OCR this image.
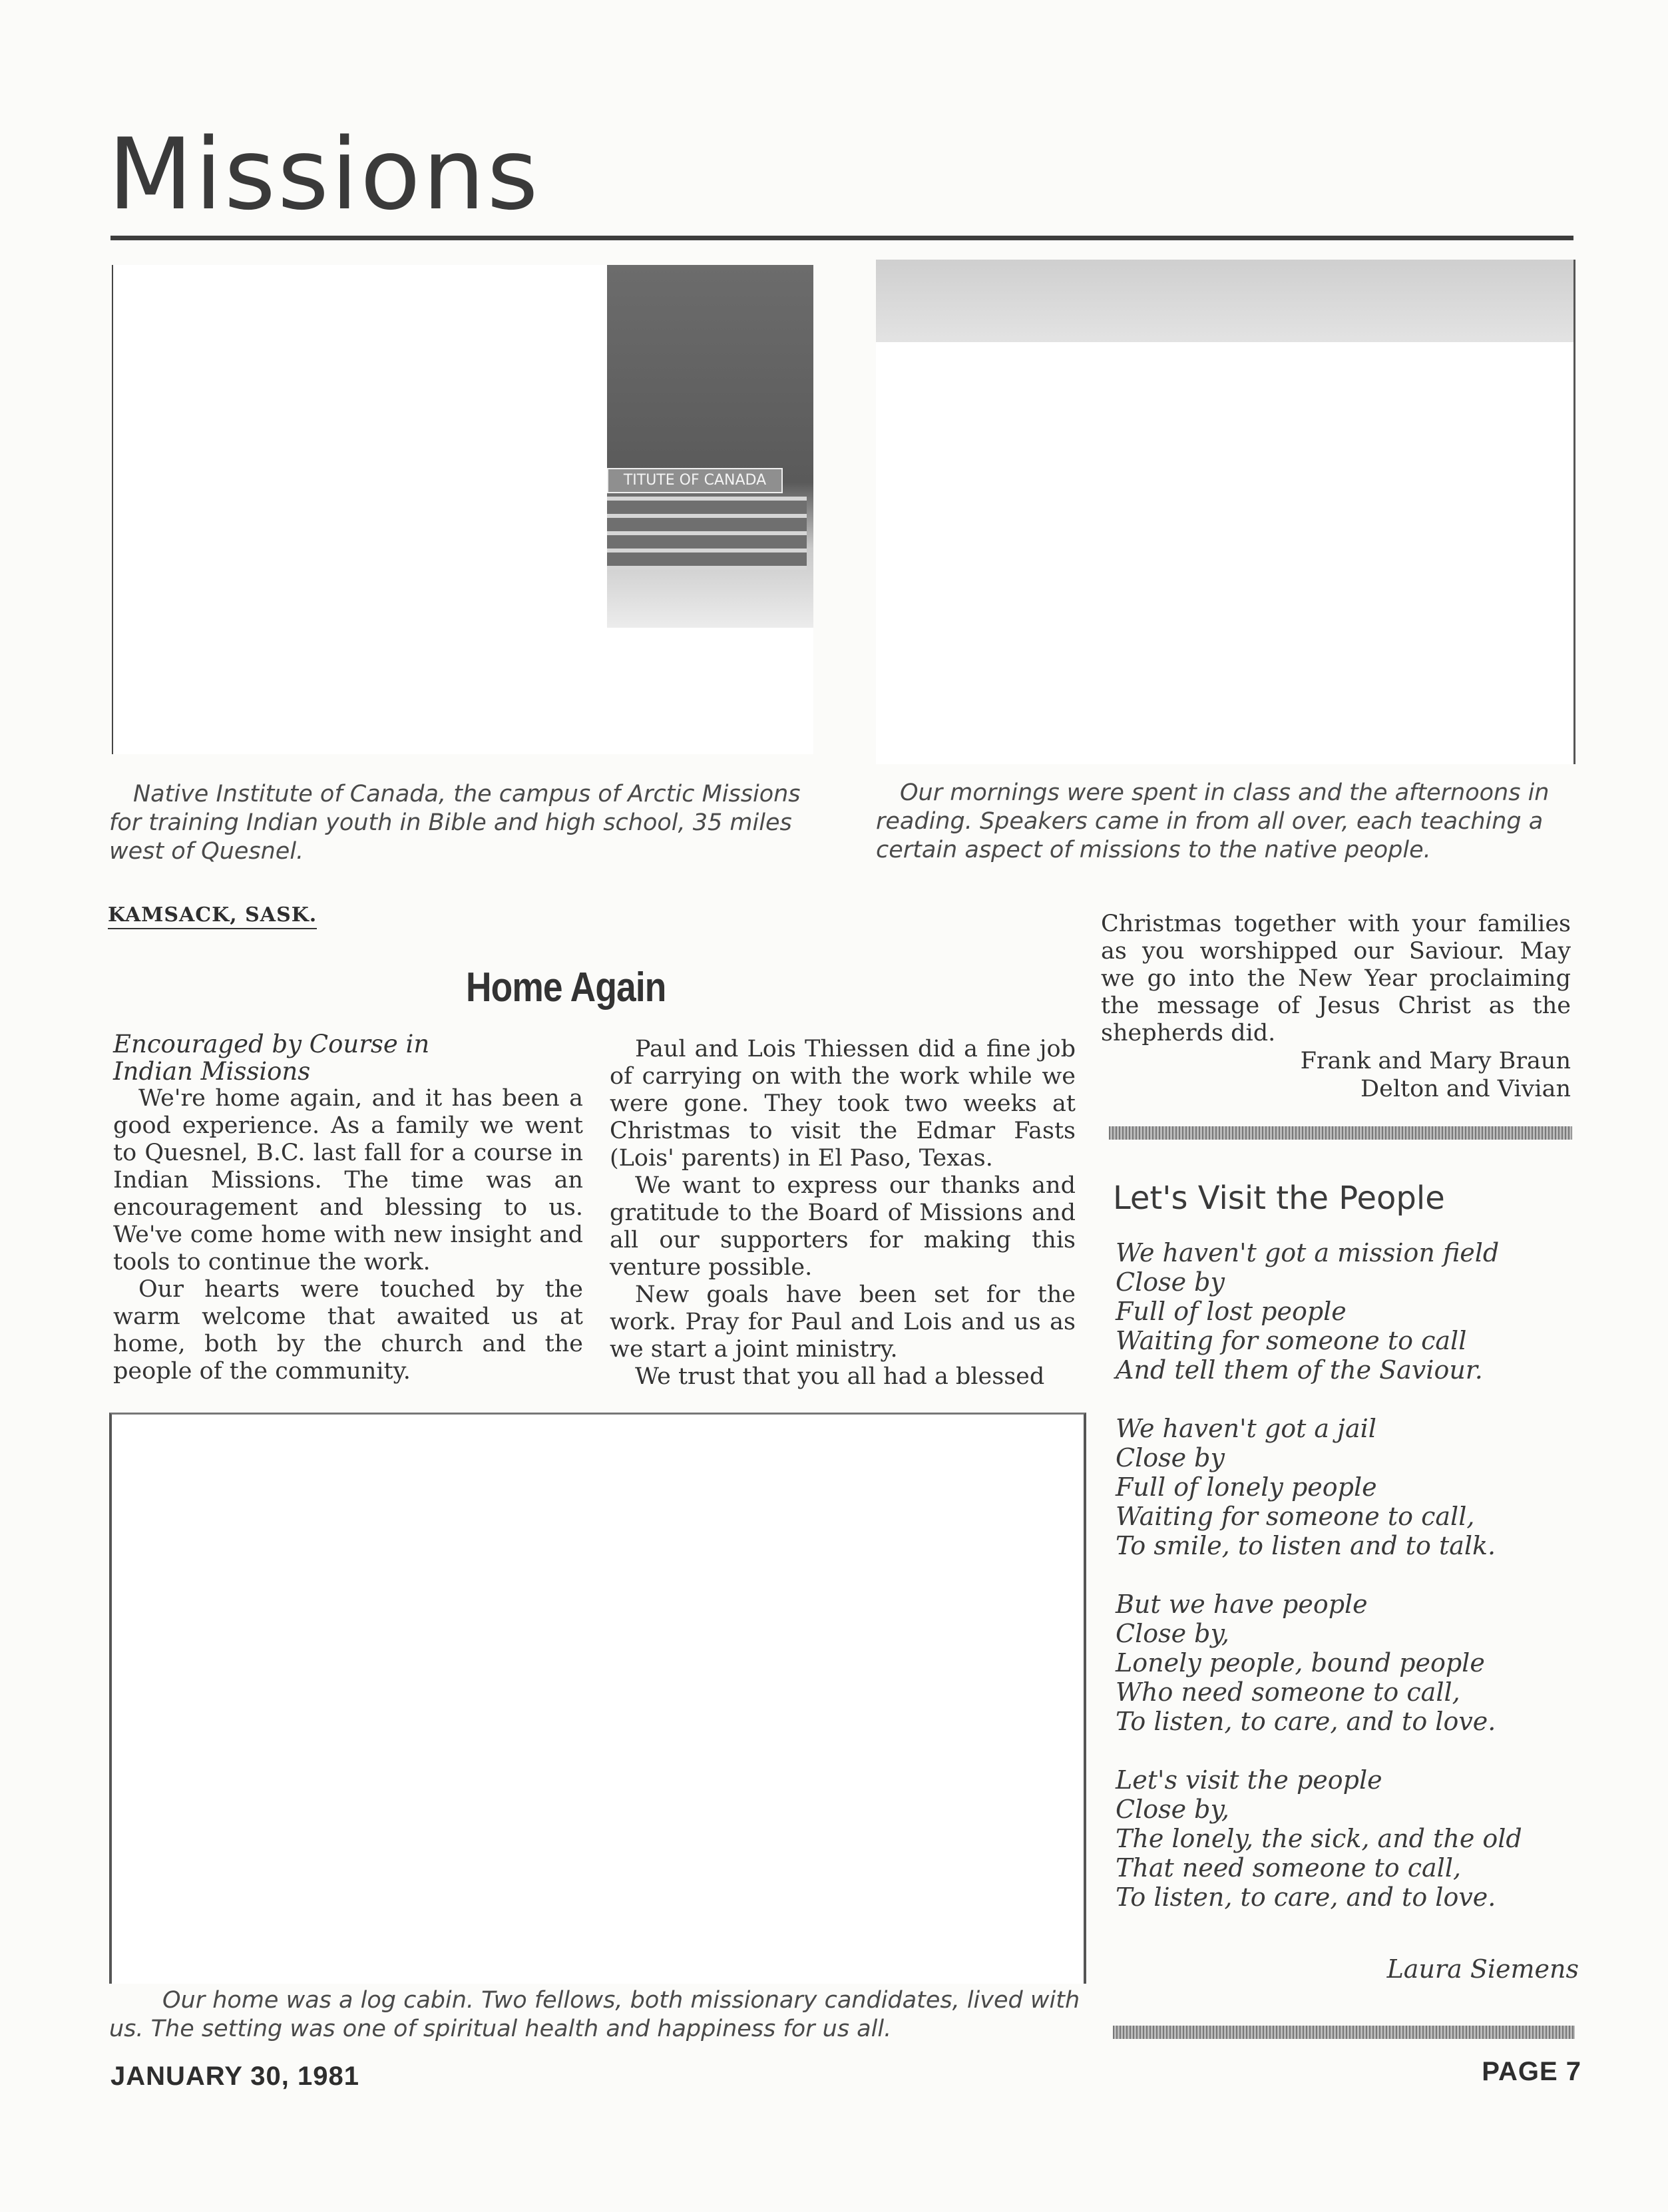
Missions
TITUTE OF CANADA

Native Institute of Canada, the campus of Arctic Missions for training Indian youth in Bible and high school, 35 miles west of Quesnel.

Our mornings were spent in class and the afternoons in reading. Speakers came in from all over, each teaching a certain aspect of missions to the native people.

KAMSACK, SASK.
Home Again

Encouraged by Course in

Indian Missions

We're home again, and it has been a good experience. As a family we went to Quesnel, B.C. last fall for a course in Indian Missions. The time was an encouragement and blessing to us. We've come home with new insight and tools to continue the work.

Our hearts were touched by the warm welcome that awaited us at home, both by the church and the people of the community.

Paul and Lois Thiessen did a fine job of carrying on with the work while we were gone. They took two weeks at Christmas to visit the Edmar Fasts (Lois' parents) in El Paso, Texas.

We want to express our thanks and gratitude to the Board of Missions and all our supporters for making this venture possible.

New goals have been set for the work. Pray for Paul and Lois and us as we start a joint ministry.

We trust that you all had a blessed

Christmas together with your families as you worshipped our Saviour. May we go into the New Year proclaiming the message of Jesus Christ as the shepherds did.

Frank and Mary Braun
Delton and Vivian

Our home was a log cabin. Two fellows, both missionary candidates, lived with us. The setting was one of spiritual health and happiness for us all.

Let's Visit the People
We haven't got a mission field
Close by
Full of lost people
Waiting for someone to call
And tell them of the Saviour.
We haven't got a jail
Close by
Full of lonely people
Waiting for someone to call,
To smile, to listen and to talk.
But we have people
Close by,
Lonely people, bound people
Who need someone to call,
To listen, to care, and to love.
Let's visit the people
Close by,
The lonely, the sick, and the old
That need someone to call,
To listen, to care, and to love.
Laura Siemens
JANUARY 30, 1981	PAGE 7
